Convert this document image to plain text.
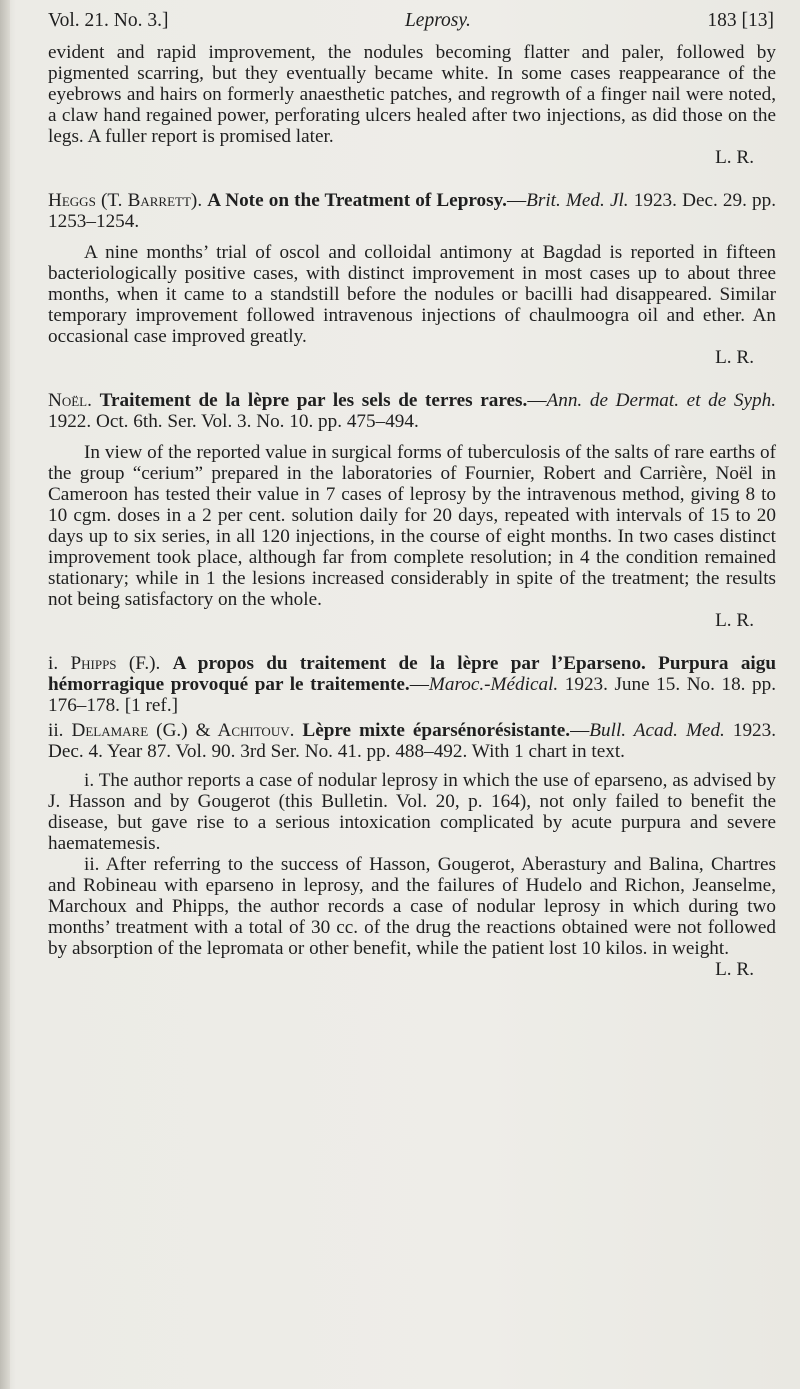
Vol. 21. No. 3.]	Leprosy.	183 [13]

evident and rapid improvement, the nodules becoming flatter and paler, followed by pigmented scarring, but they eventually became white. In some cases reappearance of the eyebrows and hairs on formerly anaesthetic patches, and regrowth of a finger nail were noted, a claw hand regained power, perforating ulcers healed after two injections, as did those on the legs. A fuller report is promised later.

L. R.

Heggs (T. Barrett). A Note on the Treatment of Leprosy.—Brit. Med. Jl. 1923. Dec. 29. pp. 1253–1254.

A nine months’ trial of oscol and colloidal antimony at Bagdad is reported in fifteen bacteriologically positive cases, with distinct improvement in most cases up to about three months, when it came to a standstill before the nodules or bacilli had disappeared. Similar temporary improvement followed intravenous injections of chaulmoogra oil and ether. An occasional case improved greatly.

L. R.

Noël. Traitement de la lèpre par les sels de terres rares.—Ann. de Dermat. et de Syph. 1922. Oct. 6th. Ser. Vol. 3. No. 10. pp. 475–494.

In view of the reported value in surgical forms of tuberculosis of the salts of rare earths of the group “cerium” prepared in the laboratories of Fournier, Robert and Carrière, Noël in Cameroon has tested their value in 7 cases of leprosy by the intravenous method, giving 8 to 10 cgm. doses in a 2 per cent. solution daily for 20 days, repeated with intervals of 15 to 20 days up to six series, in all 120 injections, in the course of eight months. In two cases distinct improvement took place, although far from complete resolution; in 4 the condition remained stationary; while in 1 the lesions increased considerably in spite of the treatment; the results not being satisfactory on the whole.

L. R.

i. Phipps (F.). A propos du traitement de la lèpre par l’Eparseno. Purpura aigu hémorragique provoqué par le traitemente.—Maroc.-Médical. 1923. June 15. No. 18. pp. 176–178. [1 ref.]

ii. Delamare (G.) & Achitouv. Lèpre mixte éparsénorésistante.—Bull. Acad. Med. 1923. Dec. 4. Year 87. Vol. 90. 3rd Ser. No. 41. pp. 488–492. With 1 chart in text.

i. The author reports a case of nodular leprosy in which the use of eparseno, as advised by J. Hasson and by Gougerot (this Bulletin. Vol. 20, p. 164), not only failed to benefit the disease, but gave rise to a serious intoxication complicated by acute purpura and severe haematemesis.

ii. After referring to the success of Hasson, Gougerot, Aberastury and Balina, Chartres and Robineau with eparseno in leprosy, and the failures of Hudelo and Richon, Jeanselme, Marchoux and Phipps, the author records a case of nodular leprosy in which during two months’ treatment with a total of 30 cc. of the drug the reactions obtained were not followed by absorption of the lepromata or other benefit, while the patient lost 10 kilos. in weight.

L. R.
